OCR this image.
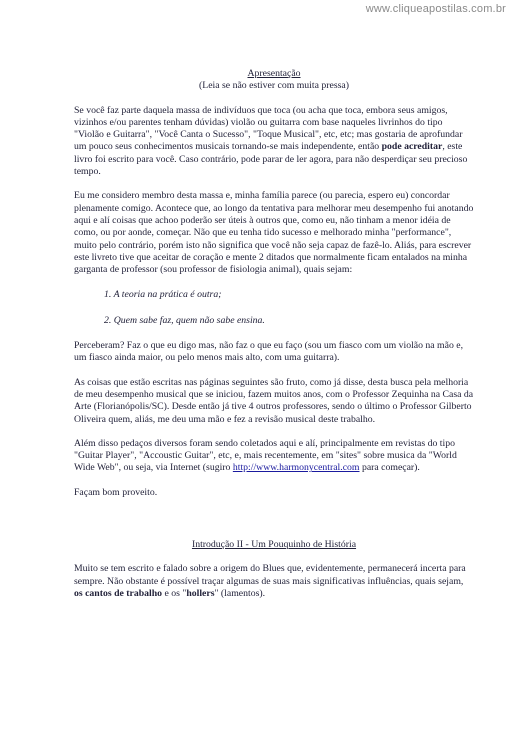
www.cliqueapostilas.com.br

Apresentação

(Leia se não estiver com muita pressa)

Se você faz parte daquela massa de indivíduos que toca (ou acha que toca, embora seus amigos, vizinhos e/ou parentes tenham dúvidas) violão ou guitarra com base naqueles livrinhos do tipo "Violão e Guitarra", "Você Canta o Sucesso", "Toque Musical", etc, etc; mas gostaria de aprofundar um pouco seus conhecimentos musicais tornando-se mais independente, então pode acreditar, este livro foi escrito para você. Caso contrário, pode parar de ler agora, para não desperdiçar seu precioso tempo.

Eu me considero membro desta massa e, minha família parece (ou parecia, espero eu) concordar plenamente comigo. Acontece que, ao longo da tentativa para melhorar meu desempenho fui anotando aqui e alí coisas que achoo poderão ser úteis à outros que, como eu, não tinham a menor idéia de como, ou por aonde, começar. Não que eu tenha tido sucesso e melhorado minha "performance", muito pelo contrário, porém isto não significa que você não seja capaz de fazê-lo. Aliás, para escrever este livreto tive que aceitar de coração e mente 2 ditados que normalmente ficam entalados na minha garganta de professor (sou professor de fisiologia animal), quais sejam:

1. A teoria na prática é outra;

2. Quem sabe faz, quem não sabe ensina.

Perceberam? Faz o que eu digo mas, não faz o que eu faço (sou um fiasco com um violão na mão e, um fiasco ainda maior, ou pelo menos mais alto, com uma guitarra).

As coisas que estão escritas nas páginas seguintes são fruto, como já disse, desta busca pela melhoria de meu desempenho musical que se iniciou, fazem muitos anos, com o Professor Zequinha na Casa da Arte (Florianópolis/SC). Desde então já tive 4 outros professores, sendo o último o Professor Gilberto Oliveira quem, aliás, me deu uma mão e fez a revisão musical deste trabalho.

Além disso pedaços diversos foram sendo coletados aqui e alí, principalmente em revistas do tipo "Guitar Player", "Accoustic Guitar", etc, e, mais recentemente, em "sites" sobre musica da "World Wide Web", ou seja, via Internet (sugiro http://www.harmonycentral.com para começar).

Façam bom proveito.

Introdução II - Um Pouquinho de História

Muito se tem escrito e falado sobre a origem do Blues que, evidentemente, permanecerá incerta para sempre. Não obstante é possível traçar algumas de suas mais significativas influências, quais sejam, os cantos de trabalho e os "hollers" (lamentos).
